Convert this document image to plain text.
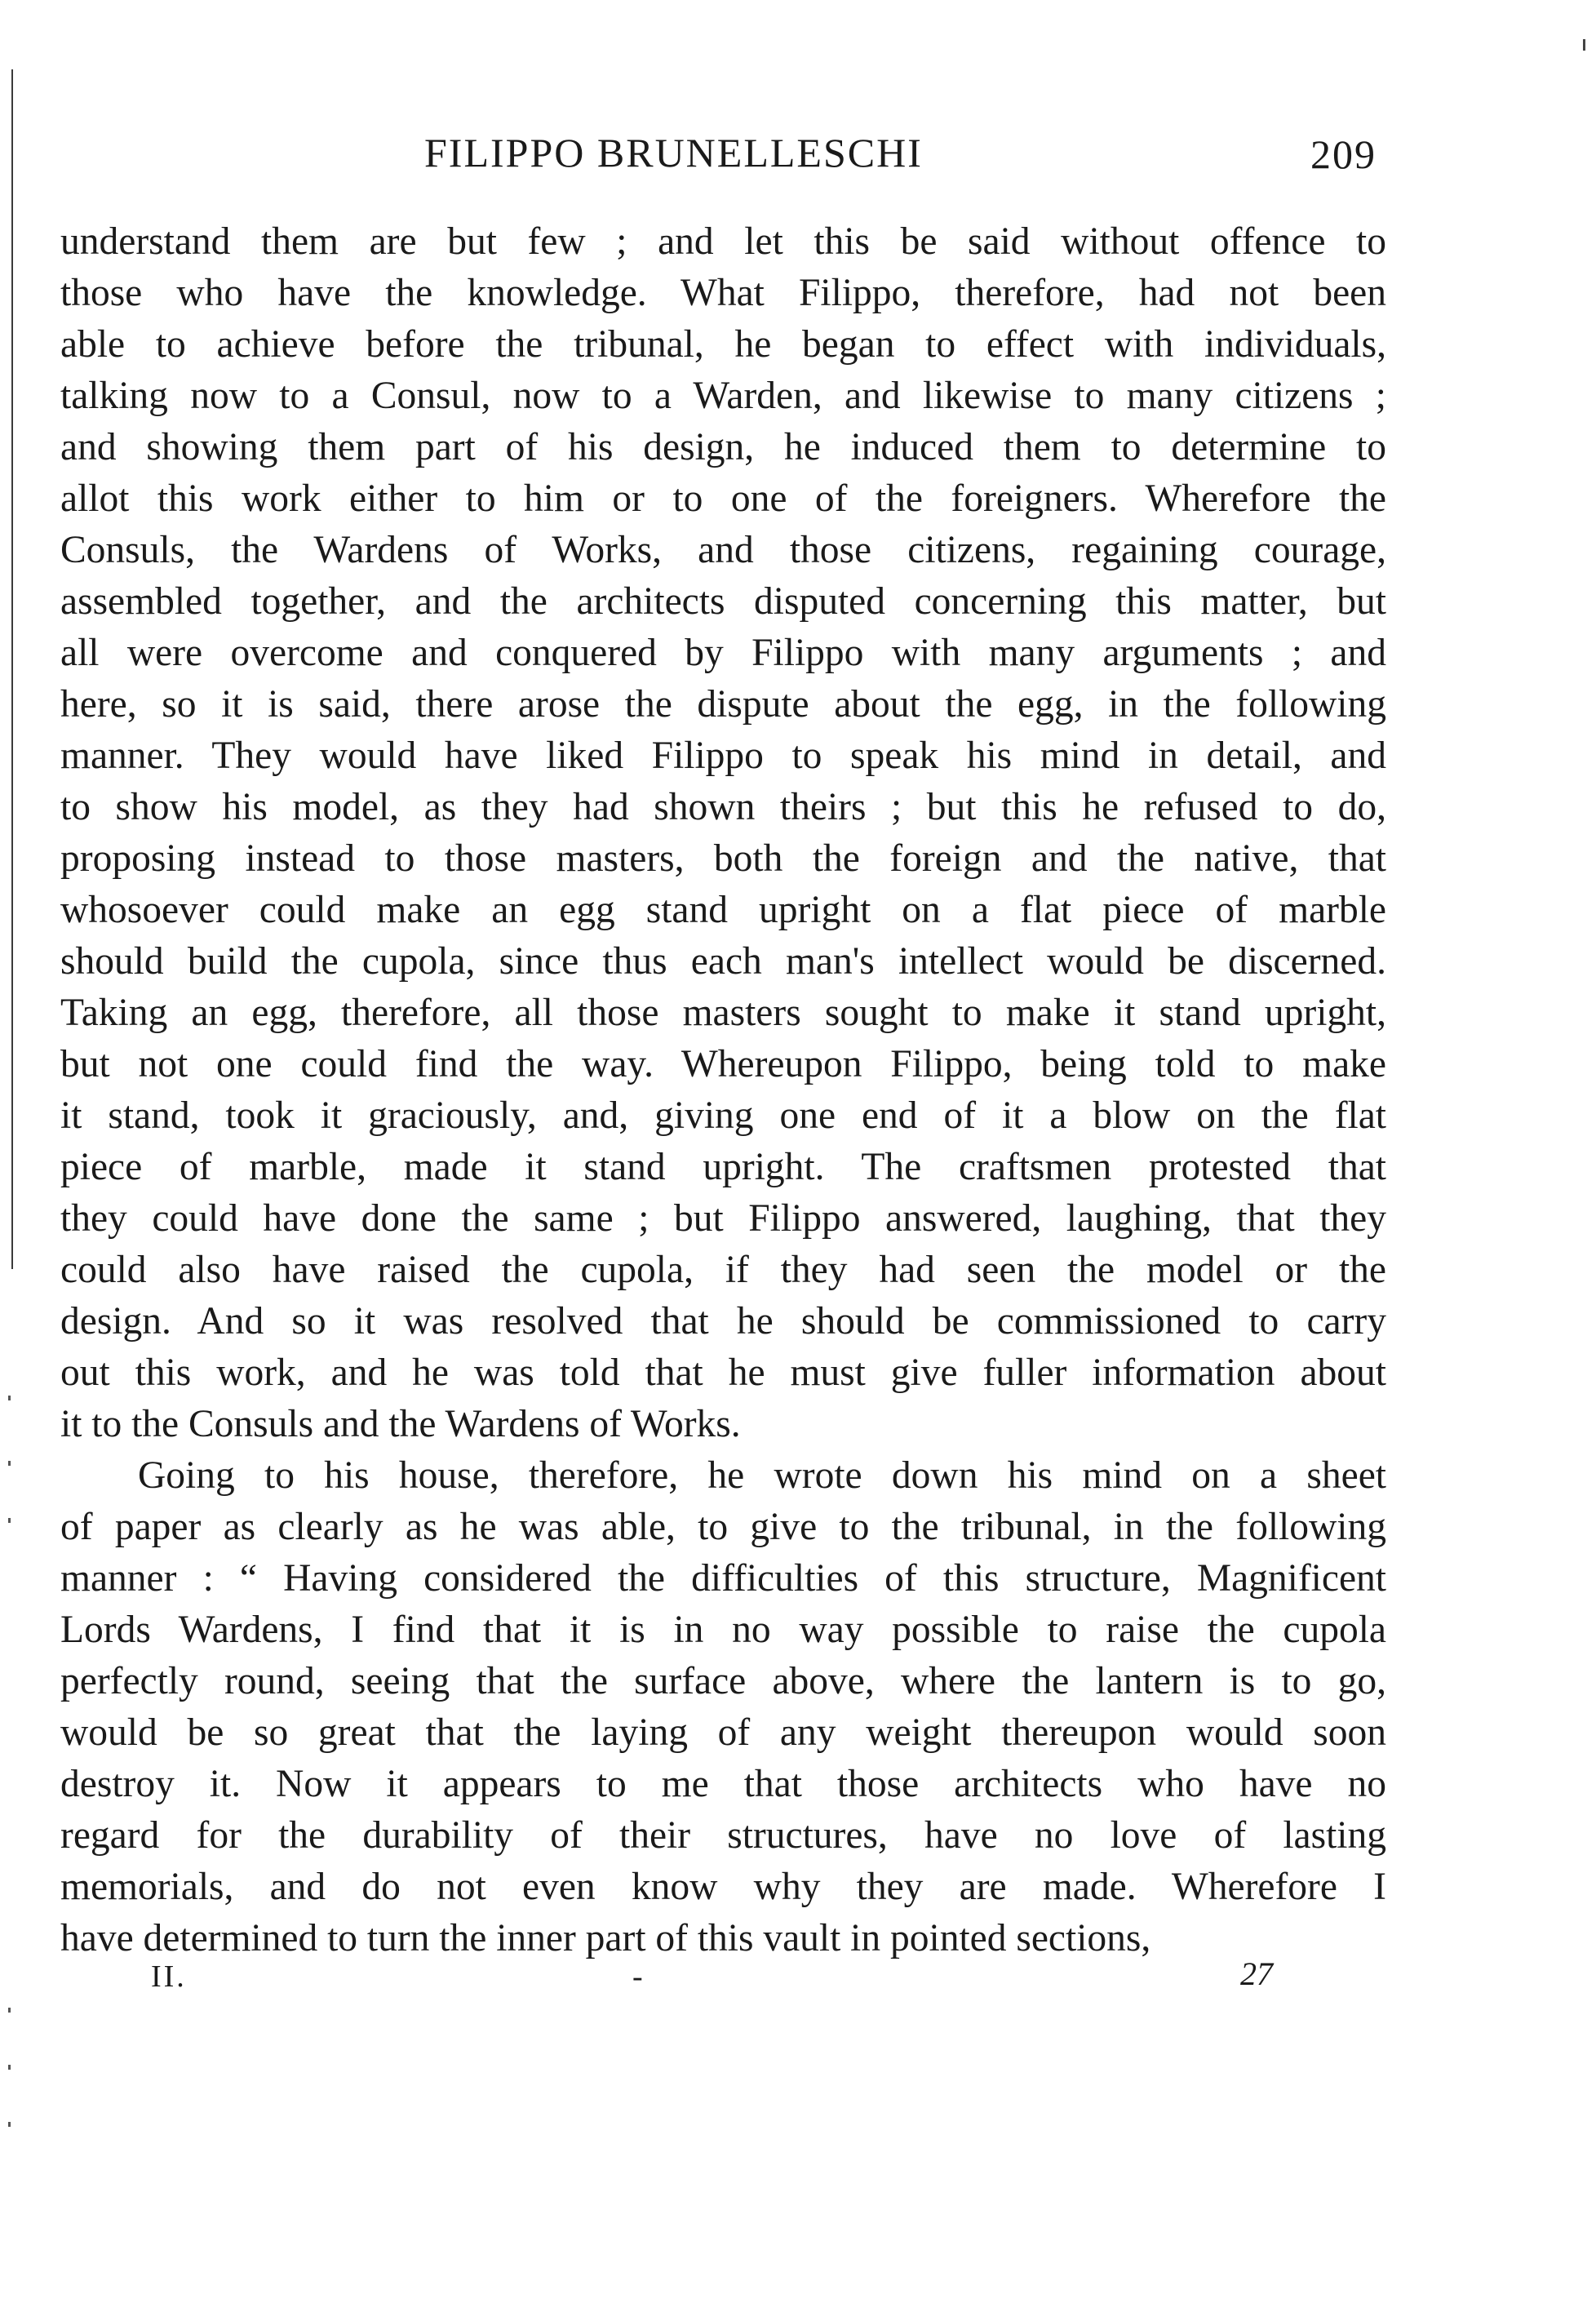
FILIPPO BRUNELLESCHI	209
understand them are but few ; and let this be said without offence to
those who have the knowledge. What Filippo, therefore, had not been
able to achieve before the tribunal, he began to effect with individuals,
talking now to a Consul, now to a Warden, and likewise to many citizens ;
and showing them part of his design, he induced them to determine to
allot this work either to him or to one of the foreigners. Wherefore the
Consuls, the Wardens of Works, and those citizens, regaining courage,
assembled together, and the architects disputed concerning this matter, but
all were overcome and conquered by Filippo with many arguments ; and
here, so it is said, there arose the dispute about the egg, in the following
manner. They would have liked Filippo to speak his mind in detail, and
to show his model, as they had shown theirs ; but this he refused to do,
proposing instead to those masters, both the foreign and the native, that
whosoever could make an egg stand upright on a flat piece of marble
should build the cupola, since thus each man's intellect would be discerned.
Taking an egg, therefore, all those masters sought to make it stand upright,
but not one could find the way. Whereupon Filippo, being told to make
it stand, took it graciously, and, giving one end of it a blow on the flat
piece of marble, made it stand upright. The craftsmen protested that
they could have done the same ; but Filippo answered, laughing, that they
could also have raised the cupola, if they had seen the model or the
design. And so it was resolved that he should be commissioned to carry
out this work, and he was told that he must give fuller information about
it to the Consuls and the Wardens of Works.
Going to his house, therefore, he wrote down his mind on a sheet
of paper as clearly as he was able, to give to the tribunal, in the following
manner : “ Having considered the difficulties of this structure, Magnificent
Lords Wardens, I find that it is in no way possible to raise the cupola
perfectly round, seeing that the surface above, where the lantern is to go,
would be so great that the laying of any weight thereupon would soon
destroy it. Now it appears to me that those architects who have no
regard for the durability of their structures, have no love of lasting
memorials, and do not even know why they are made. Wherefore I
have determined to turn the inner part of this vault in pointed sections,
II.	-	27
